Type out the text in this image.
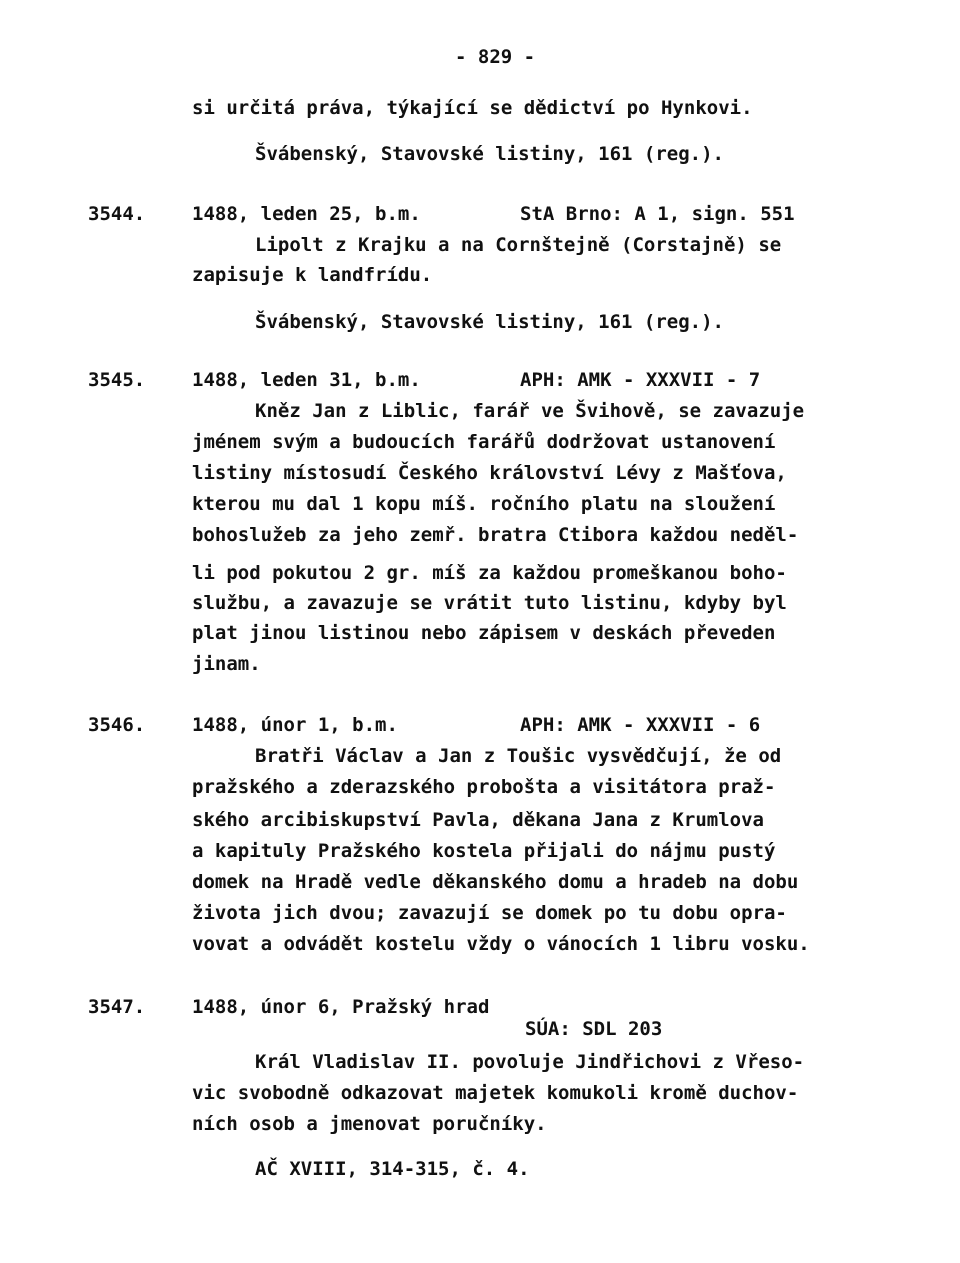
- 829 -
si určitá práva, týkající se dědictví po Hynkovi.
Švábenský, Stavovské listiny, 161 (reg.).
3544. 1488, leden 25, b.m.	StA Brno: A 1, sign. 551
Lipolt z Krajku a na Cornštejně (Corstajně) se
zapisuje k landfrídu.
Švábenský, Stavovské listiny, 161 (reg.).
3545. 1488, leden 31, b.m.	APH: AMK - XXXVII - 7
Kněz Jan z Liblic, farář ve Švihově, se zavazuje
jménem svým a budoucích farářů dodržovat ustanovení
listiny místosudí Českého království Lévy z Mašťova,
kterou mu dal 1 kopu míš. ročního platu na sloužení
bohoslužeb za jeho zemř. bratra Ctibora každou neděl-
li pod pokutou 2 gr. míš za každou promeškanou boho-
službu, a zavazuje se vrátit tuto listinu, kdyby byl
plat jinou listinou nebo zápisem v deskách převeden
jinam.
3546. 1488, únor 1, b.m.	APH: AMK - XXXVII - 6
Bratři Václav a Jan z Toušic vysvědčují, že od
pražského a zderazského probošta a visitátora praž-
ského arcibiskupství Pavla, děkana Jana z Krumlova
a kapituly Pražského kostela přijali do nájmu pustý
domek na Hradě vedle děkanského domu a hradeb na dobu
života jich dvou; zavazují se domek po tu dobu opra-
vovat a odvádět kostelu vždy o vánocích 1 libru vosku.
3547. 1488, únor 6, Pražský hrad
SÚA: SDL 203
Král Vladislav II. povoluje Jindřichovi z Vřeso-
vic svobodně odkazovat majetek komukoli kromě duchov-
ních osob a jmenovat poručníky.
AČ XVIII, 314-315, č. 4.
